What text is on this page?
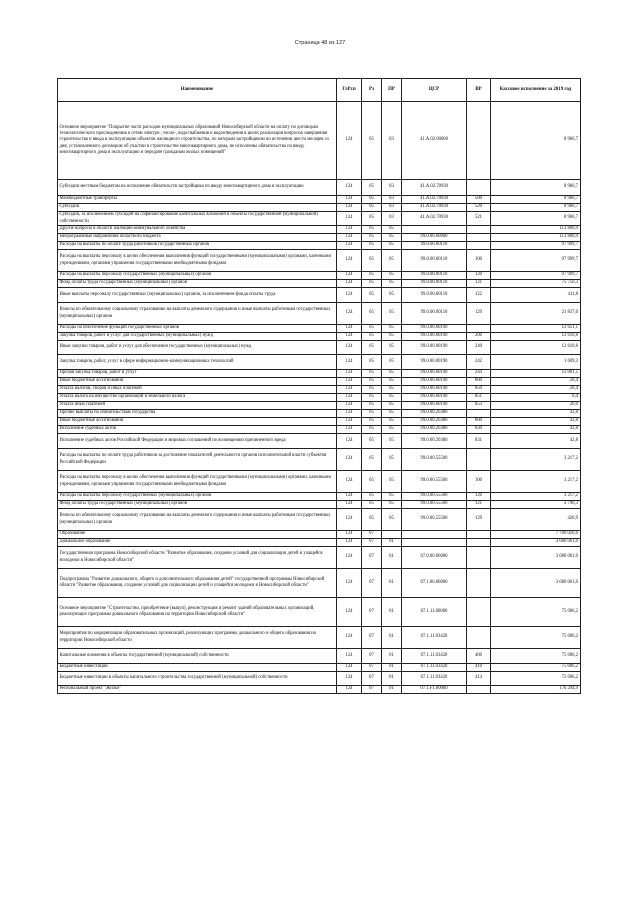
Страница 48 из 127
Наименование	ГлРсп	Рз	ПР	ЦСР	ВР	Кассовое исполнение за 2019 год
Основное мероприятие "Покрытие части расходов муниципальных образований Новосибирской области на оплату по договорам технологического присоединения к сетям электро-, тепло-, водоснабжения и водоотведения в целях реализации вопросов завершения строительства и ввода в эксплуатацию объектов жилищного строительства, по которым застройщиком по истечении шести месяцев со дня, установленного договором об участии в строительстве многоквартирного дома, не исполнены обязательства по вводу многоквартирного дома в эксплуатацию и передаче гражданам жилых помещений"	124	05	03	41.А.02.00000		8 966,7
Субсидии местным бюджетам на исполнение обязательств застройщика по вводу многоквартирного дома в эксплуатацию	124	05	03	41.А.02.70930		8 966,7
Межбюджетные трансферты	124	05	03	41.А.02.70930	500	8 966,7
Субсидии	124	05	03	41.А.02.70930	520	8 966,7
Субсидии, за исключением субсидий на софинансирование капитальных вложений в объекты государственной (муниципальной) собственности	124	05	03	41.А.02.70930	521	8 966,7
Другие вопросы в области жилищно-коммунального хозяйства	124	05	05			113 890,9
Непрограммные направления областного бюджета	124	05	05	99.0.00.00000		113 890,9
Расходы на выплаты по оплате труда работников государственных органов	124	05	05	99.0.00.00110		97 999,7
Расходы на выплаты персоналу в целях обеспечения выполнения функций государственными (муниципальными) органами, казенными учреждениями, органами управления государственными внебюджетными фондами	124	05	05	99.0.00.00110	100	97 999,7
Расходы на выплаты персоналу государственных (муниципальных) органов	124	05	05	99.0.00.00110	120	97 999,7
Фонд оплаты труда государственных (муниципальных) органов	124	05	05	99.0.00.00110	121	75 750,3
Иные выплаты персоналу государственных (муниципальных) органов, за исключением фонда оплаты труда	124	05	05	99.0.00.00110	122	411,8
Взносы по обязательному социальному страхованию на выплаты денежного содержания и иные выплаты работникам государственных (муниципальных) органов	124	05	05	99.0.00.00110	129	21 837,6
Расходы на обеспечение функций государственных органов	124	05	05	99.0.00.00190		12 651,1
Закупка товаров, работ и услуг для государственных (муниципальных) нужд	124	05	05	99.0.00.00190	200	12 610,8
Иные закупки товаров, работ и услуг для обеспечения государственных (муниципальных) нужд	124	05	05	99.0.00.00190	240	12 610,8
Закупка товаров, работ, услуг в сфере информационно-коммуникационных технологий	124	05	05	99.0.00.00190	242	1 609,3
Прочая закупка товаров, работ и услуг	124	05	05	99.0.00.00190	244	11 001,5
Иные бюджетные ассигнования	124	05	05	99.0.00.00190	800	20,4
Уплата налогов, сборов и иных платежей	124	05	05	99.0.00.00190	850	20,4
Уплата налога на имущество организаций и земельного налога	124	05	05	99.0.00.00190	851	0,4
Уплата иных платежей	124	05	05	99.0.00.00190	853	20,0
Прочие выплаты по обязательствам государства	124	05	05	99.0.00.20380		42,8
Иные бюджетные ассигнования	124	05	05	99.0.00.20380	800	42,8
Исполнение судебных актов	124	05	05	99.0.00.20380	830	42,8
Исполнение судебных актов Российской Федерации и мировых соглашений по возмещению причиненного вреда	124	05	05	99.0.00.20380	831	42,8
Расходы на выплаты по оплате труда работников за достижение показателей деятельности органов исполнительной власти субъектов Российской Федерации	124	05	05	99.0.00.55500		3 217,2
Расходы на выплаты персоналу в целях обеспечения выполнения функций государственными (муниципальными) органами, казенными учреждениями, органами управления государственными внебюджетными фондами	124	05	05	99.0.00.55500	100	3 217,2
Расходы на выплаты персоналу государственных (муниципальных) органов	124	05	05	99.0.00.55500	120	3 217,2
Фонд оплаты труда государственных (муниципальных) органов	124	05	05	99.0.00.55500	121	2 790,3
Взносы по обязательному социальному страхованию на выплаты денежного содержания и иные выплаты работникам государственных (муниципальных) органов	124	05	05	99.0.00.55500	129	426,9
Образование	124	07				7 700 026,6
Дошкольное образование	124	07	01			3 680 061,0
Государственная программа Новосибирской области "Развитие образования, создание условий для социализации детей и учащейся молодежи в Новосибирской области"	124	07	01	07.0.00.00000		3 680 061,0
Подпрограмма "Развитие дошкольного, общего и дополнительного образования детей" государственной программы Новосибирской области "Развитие образования, создание условий для социализации детей и учащейся молодежи в Новосибирской области"	124	07	01	07.1.00.00000		3 680 061,0
Основное мероприятие "Строительство, приобретение (выкуп), реконструкция и ремонт зданий образовательных организаций, реализующих программы дошкольного образования на территории Новосибирской области"	124	07	01	07.1.11.00000		75 006,2
Мероприятия по модернизации образовательных организаций, реализующих программы дошкольного и общего образования на территории Новосибирской области	124	07	01	07.1.11.03420		75 006,2
Капитальные вложения в объекты государственной (муниципальной) собственности	124	07	01	07.1.11.03420	400	75 006,2
Бюджетные инвестиции	124	07	01	07.1.11.03420	410	75 006,2
Бюджетные инвестиции в объекты капитального строительства государственной (муниципальной) собственности	124	07	01	07.1.11.03420	414	75 006,2
Региональный проект "Жилье"	124	07	01	07.1.F1.00000		176 294,9
